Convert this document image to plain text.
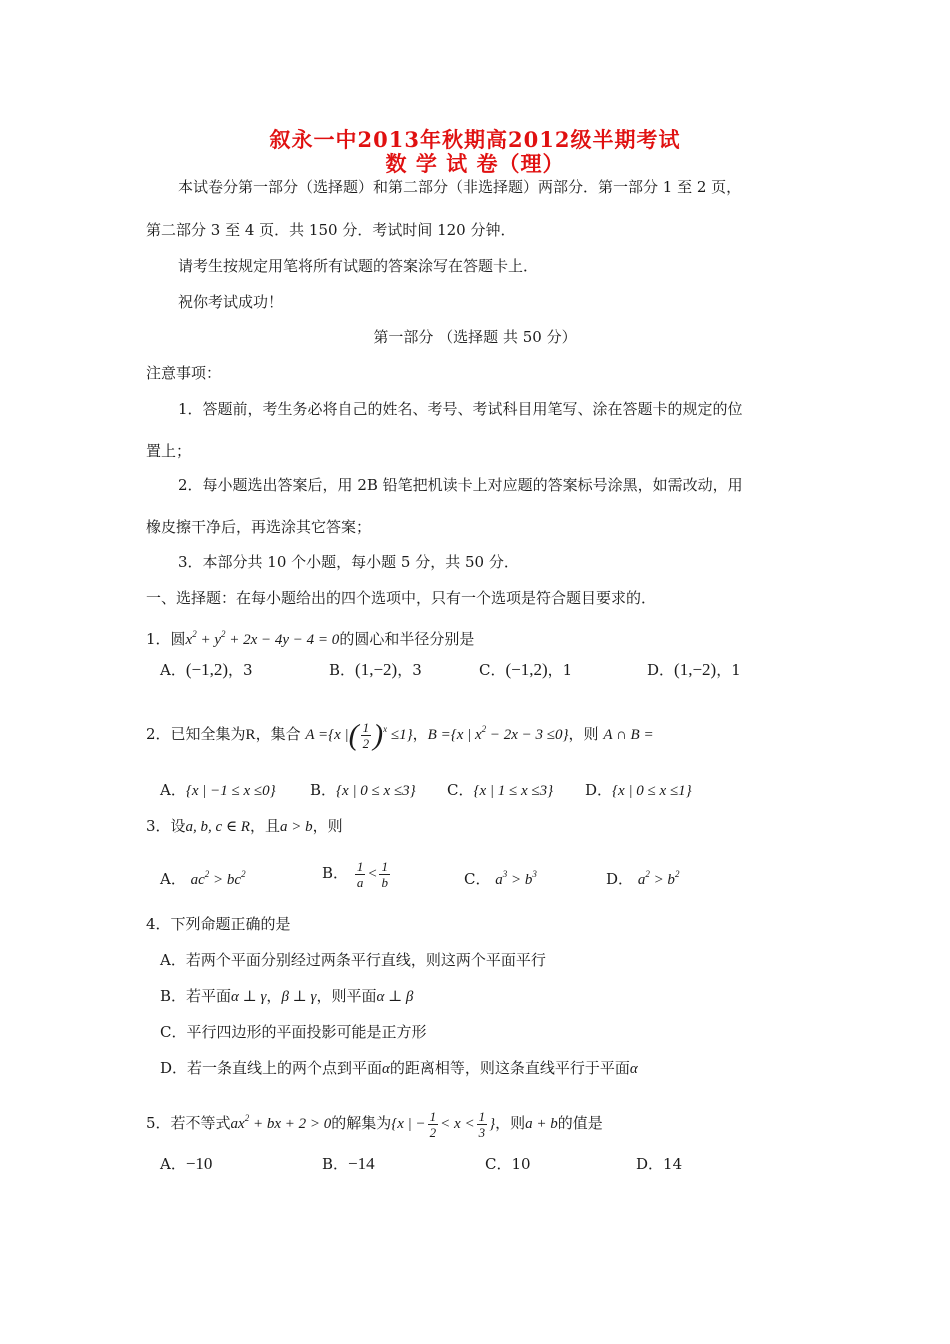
叙永一中2013年秋期高2012级半期考试
数 学 试 卷（理）
本试卷分第一部分（选择题）和第二部分（非选择题）两部分．第一部分 1 至 2 页，
第二部分 3 至 4 页．共 150 分．考试时间 120 分钟．
请考生按规定用笔将所有试题的答案涂写在答题卡上．
祝你考试成功！
第一部分 （选择题 共 50 分）
注意事项：
1．答题前，考生务必将自己的姓名、考号、考试科目用笔写、涂在答题卡的规定的位
置上；
2．每小题选出答案后，用 2B 铅笔把机读卡上对应题的答案标号涂黑，如需改动，用
橡皮擦干净后，再选涂其它答案；
3．本部分共 10 个小题，每小题 5 分，共 50 分．
一、选择题：在每小题给出的四个选项中，只有一个选项是符合题目要求的．
1．圆$x^2 + y^2 + 2x - 4y - 4 = 0$的圆心和半径分别是
A．(−1,2)，3	B．(1,−2)，3	C．(−1,2)，1	D．(1,−2)，1
2．已知全集为R，集合 A ={x |( $\frac{1}{2} )^x \le 1$}，B ={x | $x^2 - 2x - 3 \le 0$}，则 A ∩ B =
A．{x | −1 ≤ x ≤0} B．{x | 0 ≤ x ≤3} C．{x | 1 ≤ x ≤3} D．{x | 0 ≤ x ≤1}
3．设a, b, c ∈ R，且a > b，则
A． $ac^2 > bc^2$	B． $\frac{1}{a} < \frac{1}{b}$	C． $a^3 > b^3$	D． $a^2 > b^2$
4．下列命题正确的是
A．若两个平面分别经过两条平行直线，则这两个平面平行
B．若平面α ⊥ γ，β ⊥ γ，则平面α ⊥ β
C．平行四边形的平面投影可能是正方形
D．若一条直线上的两个点到平面α的距离相等，则这条直线平行于平面α
5．若不等式$ax^2$ + bx + 2 > 0的解集为{x | − $\frac{1}{2} < x < \frac{1}{3}$ }，则a + b的值是
A．−10	B．−14	C．10	D．14
